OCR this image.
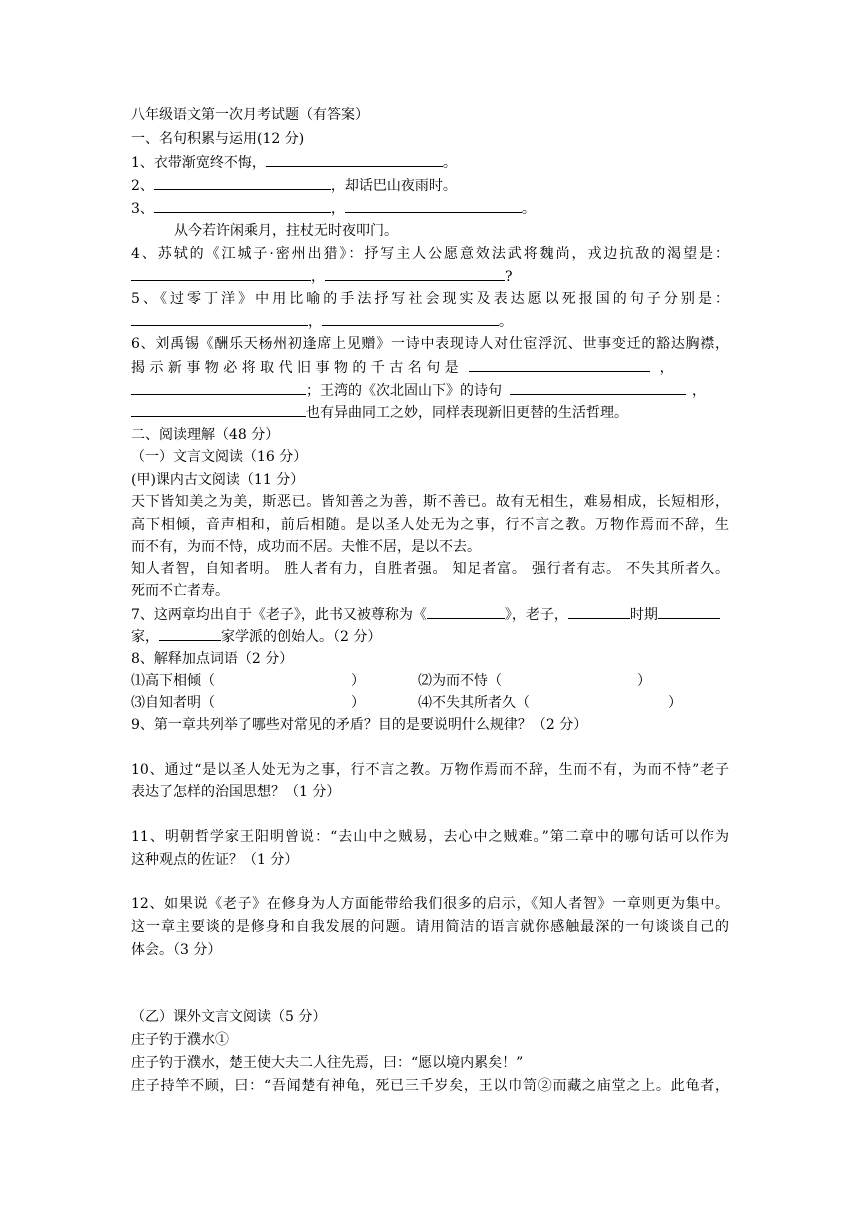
八年级语文第一次月考试题（有答案）

一、名句积累与运用(12 分)

1、衣带渐宽终不悔，	。

2、	，却话巴山夜雨时。

3、	，	。

从今若许闲乘月，拄杖无时夜叩门。

4、苏轼的《江城子·密州出猎》：抒写主人公愿意效法武将魏尚，戎边抗敌的渴望是：

，	?

5、《过零丁洋》中用比喻的手法抒写社会现实及表达愿以死报国的句子分别是：

，	。

6、刘禹锡《酬乐天杨州初逢席上见赠》一诗中表现诗人对仕宦浮沉、世事变迁的豁达胸襟，

揭 示 新 事 物 必 将 取 代 旧 事 物 的 千 古 名 句 是	，

；王湾的《次北固山下》的诗句	，

也有异曲同工之妙，同样表现新旧更替的生活哲理。

二、阅读理解（48 分）

（一）文言文阅读（16 分）

(甲)课内古文阅读（11 分）

天下皆知美之为美，斯恶已。皆知善之为善，斯不善已。故有无相生，难易相成，长短相形，

高下相倾，音声相和，前后相随。是以圣人处无为之事，行不言之教。万物作焉而不辞，生

而不有，为而不恃，成功而不居。夫惟不居，是以不去。

知人者智，自知者明。 胜人者有力，自胜者强。 知足者富。 强行者有志。 不失其所者久。

死而不亡者寿。

7、这两章均出自于《老子》，此书又被尊称为《	》，老子，	时期

家，	家学派的创始人。（2 分）

8、解释加点词语（2 分）

⑴高下相倾（	）	⑵为而不恃（	）

⑶自知者明（	）	⑷不失其所者久（	）

9、第一章共列举了哪些对常见的矛盾？目的是要说明什么规律？（2 分）

10、通过“是以圣人处无为之事，行不言之教。万物作焉而不辞，生而不有，为而不恃”老子

表达了怎样的治国思想？（1 分）

11、明朝哲学家王阳明曾说：“去山中之贼易，去心中之贼难。”第二章中的哪句话可以作为

这种观点的佐证？（1 分）

12、如果说《老子》在修身为人方面能带给我们很多的启示，《知人者智》一章则更为集中。

这一章主要谈的是修身和自我发展的问题。请用简洁的语言就你感触最深的一句谈谈自己的

体会。（3 分）

（乙）课外文言文阅读（5 分）

庄子钓于濮水①

庄子钓于濮水，楚王使大夫二人往先焉，曰：“愿以境内累矣！”

庄子持竿不顾，曰：“吾闻楚有神龟，死已三千岁矣，王以巾笥②而藏之庙堂之上。此龟者，
